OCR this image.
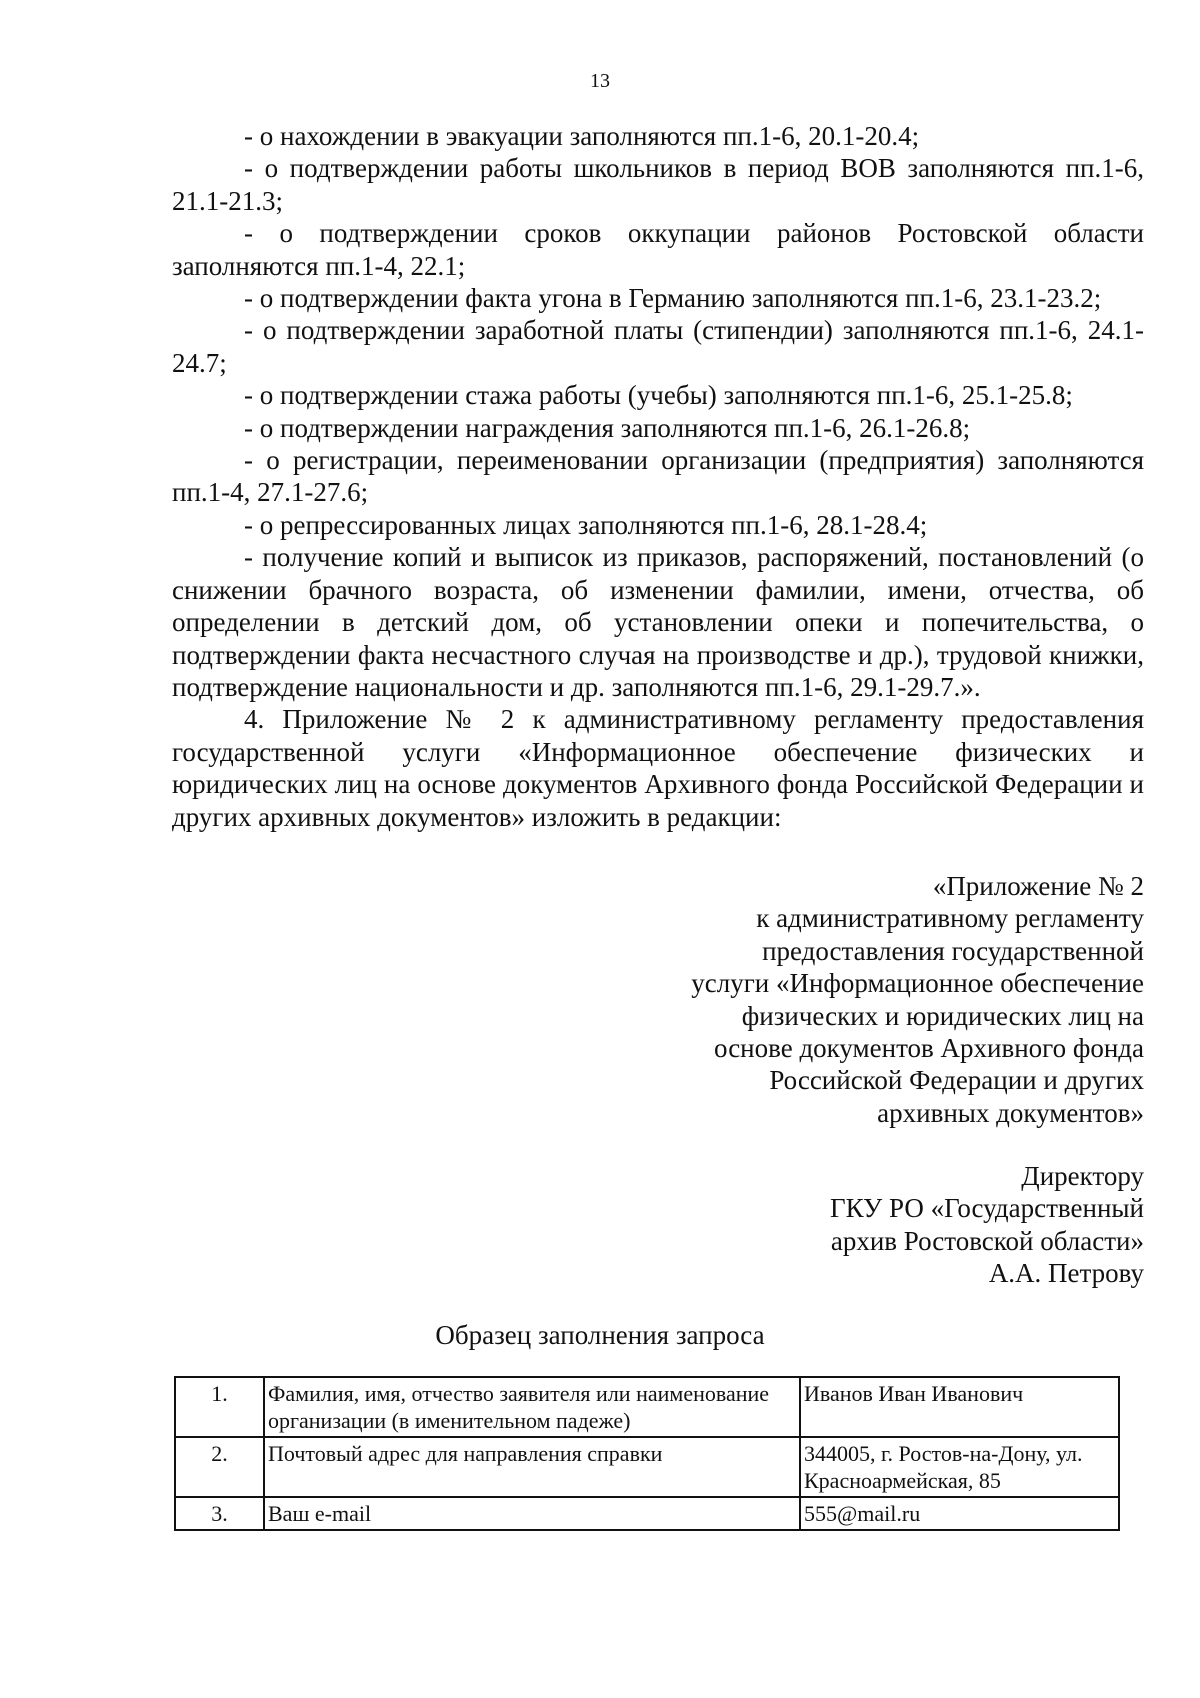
13

- о нахождении в эвакуации заполняются пп.1-6, 20.1-20.4;

- о подтверждении работы школьников в период ВОВ заполняются пп.1-6, 21.1-21.3;

- о подтверждении сроков оккупации районов Ростовской области заполняются пп.1-4, 22.1;

- о подтверждении факта угона в Германию заполняются пп.1-6, 23.1-23.2;

- о подтверждении заработной платы (стипендии) заполняются пп.1-6, 24.1-24.7;

- о подтверждении стажа работы (учебы) заполняются пп.1-6, 25.1-25.8;

- о подтверждении награждения заполняются пп.1-6, 26.1-26.8;

- о регистрации, переименовании организации (предприятия) заполняются пп.1-4, 27.1-27.6;

- о репрессированных лицах заполняются пп.1-6, 28.1-28.4;

- получение копий и выписок из приказов, распоряжений, постановлений (о снижении брачного возраста, об изменении фамилии, имени, отчества, об определении в детский дом, об установлении опеки и попечительства, о подтверждении факта несчастного случая на производстве и др.), трудовой книжки, подтверждение национальности и др. заполняются пп.1-6, 29.1-29.7.».

4. Приложение № 2 к административному регламенту предоставления государственной услуги «Информационное обеспечение физических и юридических лиц на основе документов Архивного фонда Российской Федерации и других архивных документов» изложить в редакции:

«Приложение № 2
к административному регламенту
предоставления государственной
услуги «Информационное обеспечение
физических и юридических лиц на
основе документов Архивного фонда
Российской Федерации и других
архивных документов»
Директору
ГКУ РО «Государственный
архив Ростовской области»
А.А. Петрову
Образец заполнения запроса
1.	Фамилия, имя, отчество заявителя или наименование организации (в именительном падеже)	Иванов Иван Иванович
2.	Почтовый адрес для направления справки	344005, г. Ростов-на-Дону, ул. Красноармейская, 85
3.	Ваш e-mail	555@mail.ru
